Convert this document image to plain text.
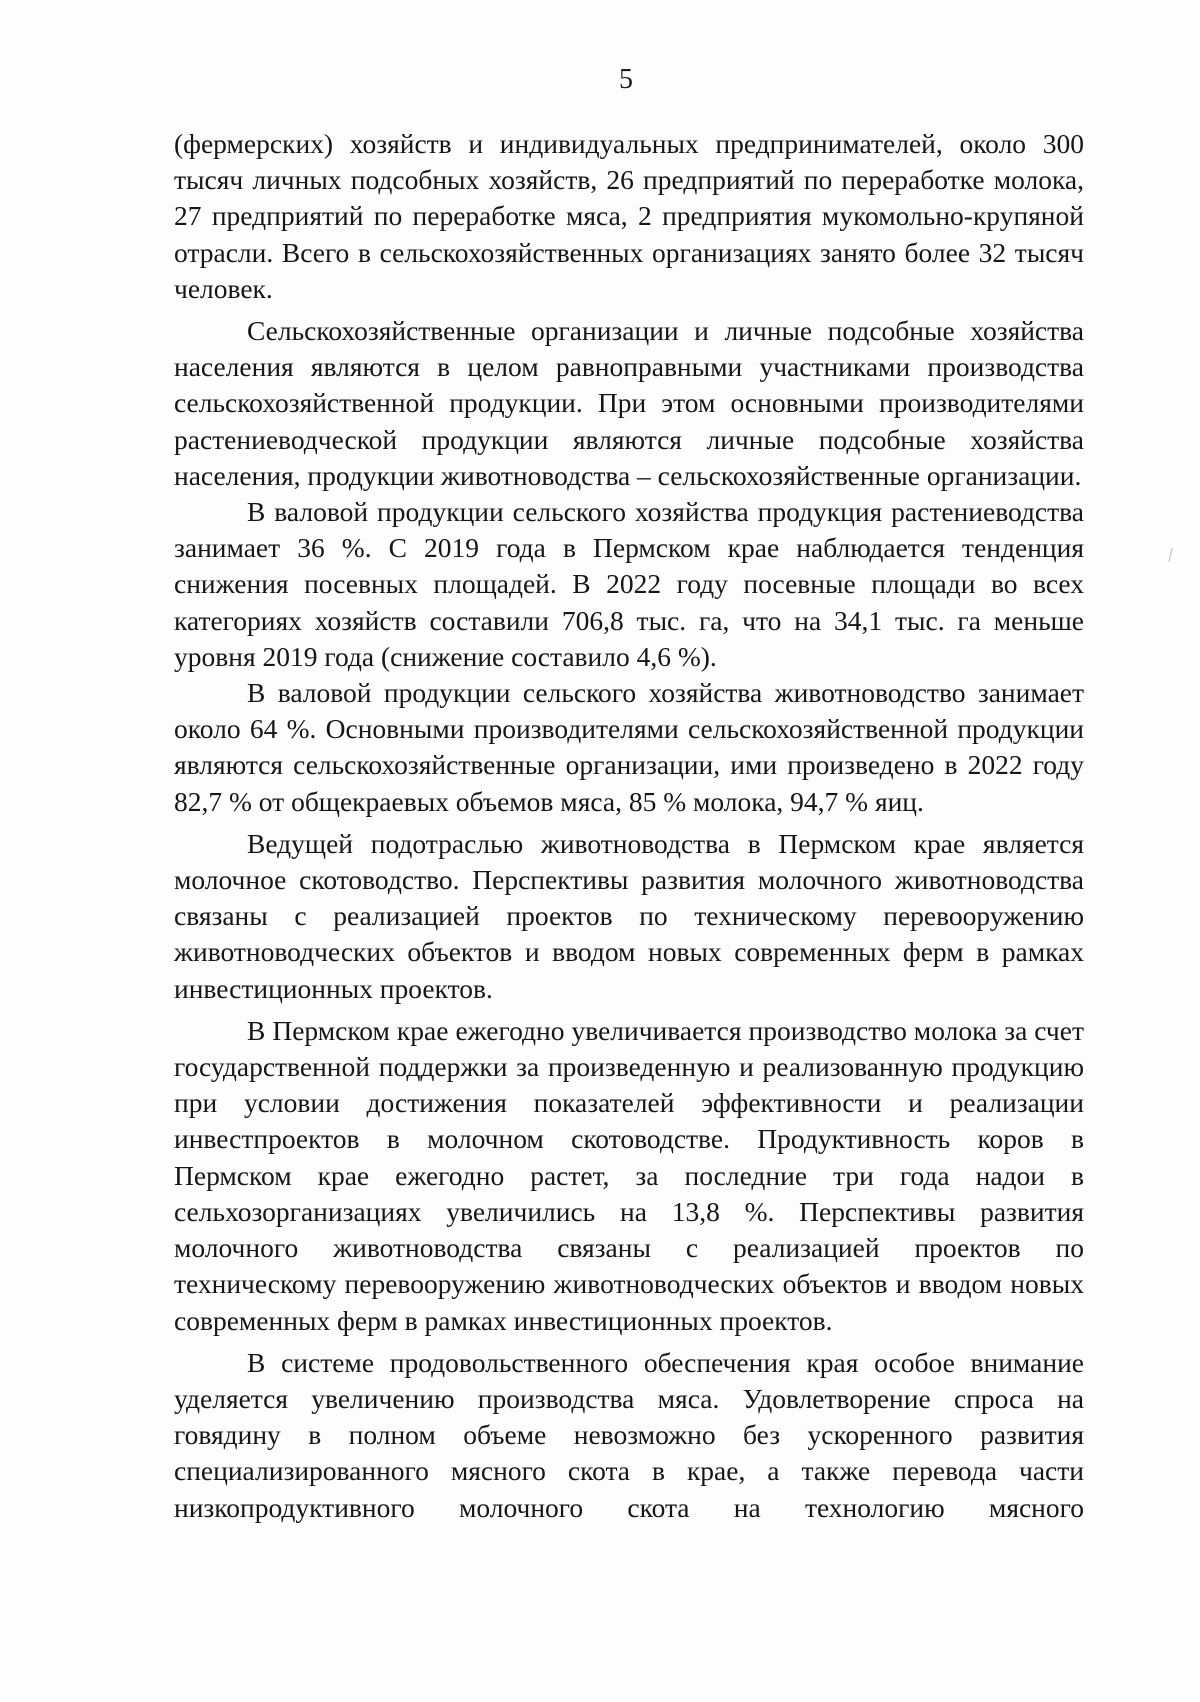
5

(фермерских) хозяйств и индивидуальных предпринимателей, около 300 тысяч личных подсобных хозяйств, 26 предприятий по переработке молока, 27 предприятий по переработке мяса, 2 предприятия мукомольно-крупяной отрасли. Всего в сельскохозяйственных организациях занято более 32 тысяч человек.

Сельскохозяйственные организации и личные подсобные хозяйства населения являются в целом равноправными участниками производства сельскохозяйственной продукции. При этом основными производителями растениеводческой продукции являются личные подсобные хозяйства населения, продукции животноводства – сельскохозяйственные организации.

В валовой продукции сельского хозяйства продукция растениеводства занимает 36 %. С 2019 года в Пермском крае наблюдается тенденция снижения посевных площадей. В 2022 году посевные площади во всех категориях хозяйств составили 706,8 тыс. га, что на 34,1 тыс. га меньше уровня 2019 года (снижение составило 4,6 %).

В валовой продукции сельского хозяйства животноводство занимает около 64 %. Основными производителями сельскохозяйственной продукции являются сельскохозяйственные организации, ими произведено в 2022 году 82,7 % от общекраевых объемов мяса, 85 % молока, 94,7 % яиц.

Ведущей подотраслью животноводства в Пермском крае является молочное скотоводство. Перспективы развития молочного животноводства связаны с реализацией проектов по техническому перевооружению животноводческих объектов и вводом новых современных ферм в рамках инвестиционных проектов.

В Пермском крае ежегодно увеличивается производство молока за счет государственной поддержки за произведенную и реализованную продукцию при условии достижения показателей эффективности и реализации инвестпроектов в молочном скотоводстве. Продуктивность коров в Пермском крае ежегодно растет, за последние три года надои в сельхозорганизациях увеличились на 13,8 %. Перспективы развития молочного животноводства связаны с реализацией проектов по техническому перевооружению животноводческих объектов и вводом новых современных ферм в рамках инвестиционных проектов.

В системе продовольственного обеспечения края особое внимание уделяется увеличению производства мяса. Удовлетворение спроса на говядину в полном объеме невозможно без ускоренного развития специализированного мясного скота в крае, а также перевода части низкопродуктивного молочного скота на технологию мясного
